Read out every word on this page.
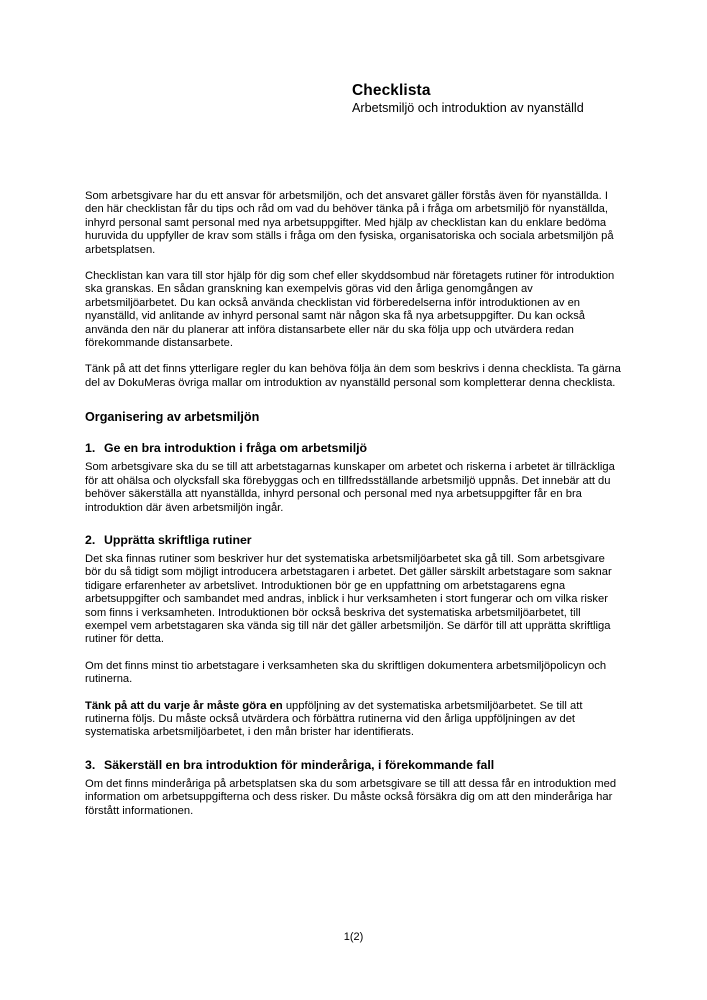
Checklista
Arbetsmiljö och introduktion av nyanställd

Som arbetsgivare har du ett ansvar för arbetsmiljön, och det ansvaret gäller förstås även för nyanställda. I den här checklistan får du tips och råd om vad du behöver tänka på i fråga om arbetsmiljö för nyanställda, inhyrd personal samt personal med nya arbetsuppgifter. Med hjälp av checklistan kan du enklare bedöma huruvida du uppfyller de krav som ställs i fråga om den fysiska, organisatoriska och sociala arbetsmiljön på arbetsplatsen.

Checklistan kan vara till stor hjälp för dig som chef eller skyddsombud när företagets rutiner för introduktion ska granskas. En sådan granskning kan exempelvis göras vid den årliga genomgången av arbetsmiljöarbetet. Du kan också använda checklistan vid förberedelserna inför introduktionen av en nyanställd, vid anlitande av inhyrd personal samt när någon ska få nya arbetsuppgifter. Du kan också använda den när du planerar att införa distansarbete eller när du ska följa upp och utvärdera redan förekommande distansarbete.

Tänk på att det finns ytterligare regler du kan behöva följa än dem som beskrivs i denna checklista. Ta gärna del av DokuMeras övriga mallar om introduktion av nyanställd personal som kompletterar denna checklista.

Organisering av arbetsmiljön
1. Ge en bra introduktion i fråga om arbetsmiljö

Som arbetsgivare ska du se till att arbetstagarnas kunskaper om arbetet och riskerna i arbetet är tillräckliga för att ohälsa och olycksfall ska förebyggas och en tillfredsställande arbetsmiljö uppnås. Det innebär att du behöver säkerställa att nyanställda, inhyrd personal och personal med nya arbetsuppgifter får en bra introduktion där även arbetsmiljön ingår.

2. Upprätta skriftliga rutiner

Det ska finnas rutiner som beskriver hur det systematiska arbetsmiljöarbetet ska gå till. Som arbetsgivare bör du så tidigt som möjligt introducera arbetstagaren i arbetet. Det gäller särskilt arbetstagare som saknar tidigare erfarenheter av arbetslivet. Introduktionen bör ge en uppfattning om arbetstagarens egna arbetsuppgifter och sambandet med andras, inblick i hur verksamheten i stort fungerar och om vilka risker som finns i verksamheten. Introduktionen bör också beskriva det systematiska arbetsmiljöarbetet, till exempel vem arbetstagaren ska vända sig till när det gäller arbetsmiljön. Se därför till att upprätta skriftliga rutiner för detta.

Om det finns minst tio arbetstagare i verksamheten ska du skriftligen dokumentera arbetsmiljöpolicyn och rutinerna.

Tänk på att du varje år måste göra en uppföljning av det systematiska arbetsmiljöarbetet. Se till att rutinerna följs. Du måste också utvärdera och förbättra rutinerna vid den årliga uppföljningen av det systematiska arbetsmiljöarbetet, i den mån brister har identifierats.

3. Säkerställ en bra introduktion för minderåriga, i förekommande fall

Om det finns minderåriga på arbetsplatsen ska du som arbetsgivare se till att dessa får en introduktion med information om arbetsuppgifterna och dess risker. Du måste också försäkra dig om att den minderåriga har förstått informationen.

1(2)
